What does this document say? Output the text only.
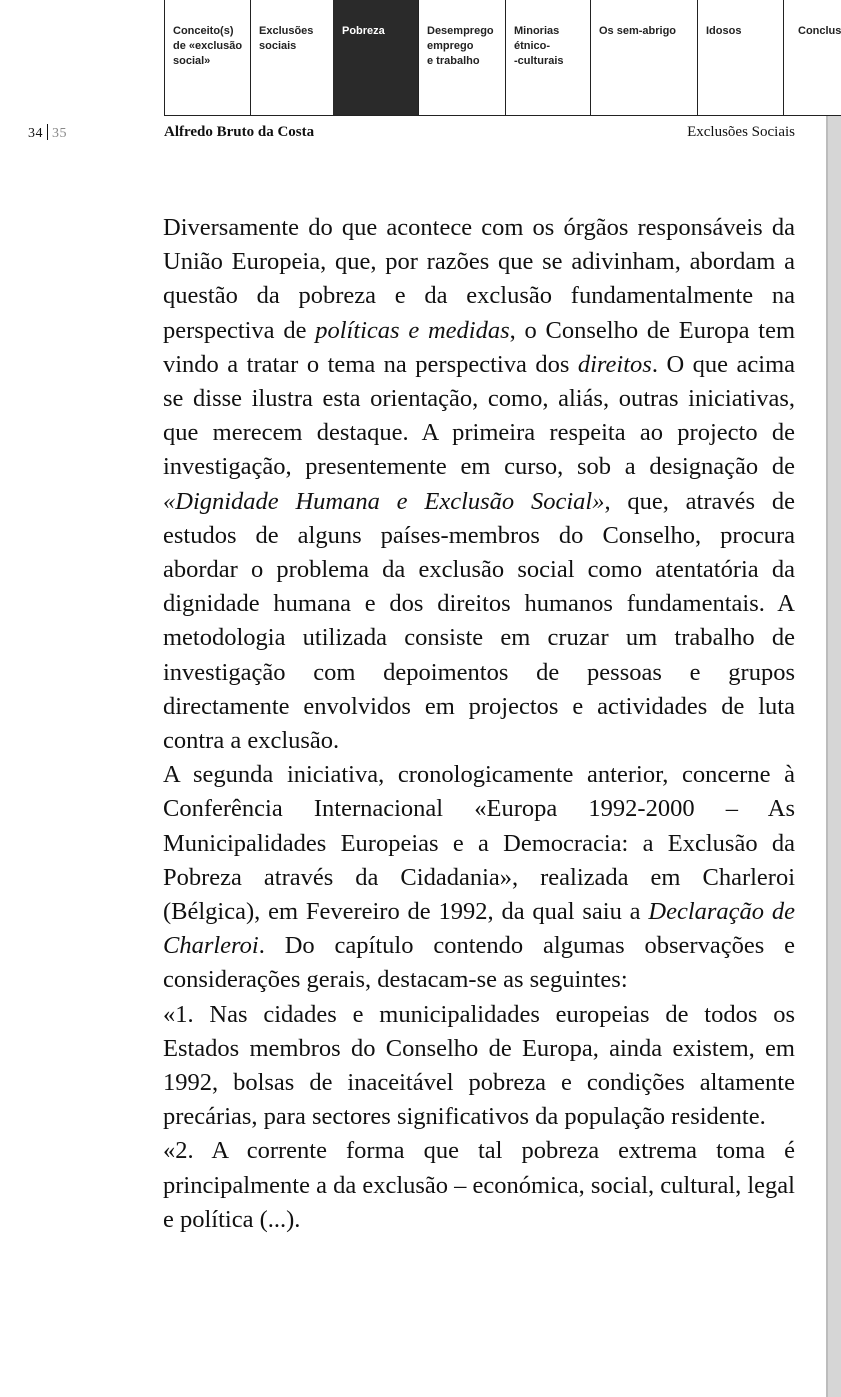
Conceito(s)
de «exclusão
social»
Exclusões
sociais
Pobreza	Desemprego
emprego
e trabalho
Minorias
étnico-
-culturais
Os sem-abrigo	Idosos	Conclus
34 35	Alfredo Bruto da Costa	Exclusões Sociais

Diversamente do que acontece com os órgãos responsáveis da União Europeia, que, por razões que se adivinham, abordam a questão da pobreza e da exclusão fundamentalmente na perspectiva de políticas e medidas, o Conselho de Europa tem vindo a tratar o tema na perspectiva dos direitos. O que acima se disse ilustra esta orientação, como, aliás, outras iniciativas, que merecem destaque. A primeira respeita ao projecto de investigação, presentemente em curso, sob a designação de «Dignidade Humana e Exclusão Social», que, através de estudos de alguns países-membros do Conselho, procura abordar o problema da exclusão social como atentatória da dignidade humana e dos direitos humanos fundamentais. A metodologia utilizada consiste em cruzar um trabalho de investigação com depoimentos de pessoas e grupos directamente envolvidos em projectos e actividades de luta contra a exclusão.

A segunda iniciativa, cronologicamente anterior, concerne à Conferência Internacional «Europa 1992-2000 – As Municipalidades Europeias e a Democracia: a Exclusão da Pobreza através da Cidadania», realizada em Charleroi (Bélgica), em Fevereiro de 1992, da qual saiu a Declaração de Charleroi. Do capítulo contendo algumas observações e considerações gerais, destacam-se as seguintes:

«1. Nas cidades e municipalidades europeias de todos os Estados membros do Conselho de Europa, ainda existem, em 1992, bolsas de inaceitável pobreza e condições altamente precárias, para sectores significativos da população residente.

«2. A corrente forma que tal pobreza extrema toma é principalmente a da exclusão – económica, social, cultural, legal e política (...).
